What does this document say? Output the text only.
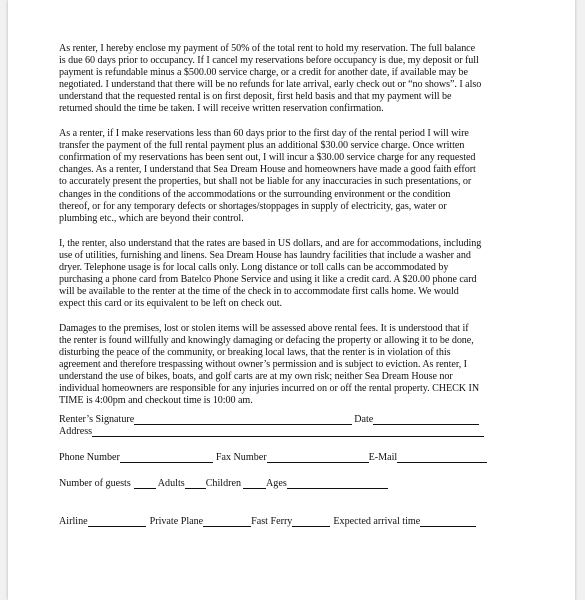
As renter, I hereby enclose my payment of 50% of the total rent to hold my reservation. The full balance
is due 60 days prior to occupancy. If I cancel my reservations before occupancy is due, my deposit or full
payment is refundable minus a $500.00 service charge, or a credit for another date, if available may be
negotiated. I understand that there will be no refunds for late arrival, early check out or “no shows”. I also
understand that the requested rental is on first deposit, first held basis and that my payment will be
returned should the time be taken. I will receive written reservation confirmation.

As a renter, if I make reservations less than 60 days prior to the first day of the rental period I will wire
transfer the payment of the full rental payment plus an additional $30.00 service charge. Once written
confirmation of my reservations has been sent out, I will incur a $30.00 service charge for any requested
changes. As a renter, I understand that Sea Dream House and homeowners have made a good faith effort
to accurately present the properties, but shall not be liable for any inaccuracies in such presentations, or
changes in the conditions of the accommodations or the surrounding environment or the condition
thereof, or for any temporary defects or shortages/stoppages in supply of electricity, gas, water or
plumbing etc., which are beyond their control.

I, the renter, also understand that the rates are based in US dollars, and are for accommodations, including
use of utilities, furnishing and linens. Sea Dream House has laundry facilities that include a washer and
dryer. Telephone usage is for local calls only. Long distance or toll calls can be accommodated by
purchasing a phone card from Batelco Phone Service and using it like a credit card. A $20.00 phone card
will be available to the renter at the time of the check in to accommodate first calls home. We would
expect this card or its equivalent to be left on check out.

Damages to the premises, lost or stolen items will be assessed above rental fees. It is understood that if
the renter is found willfully and knowingly damaging or defacing the property or allowing it to be done,
disturbing the peace of the community, or breaking local laws, that the renter is in violation of this
agreement and therefore trespassing without owner’s permission and is subject to eviction. As renter, I
understand the use of bikes, boats, and golf carts are at my own risk; neither Sea Dream House nor
individual homeowners are responsible for any injuries incurred on or off the rental property. CHECK IN
TIME is 4:00pm and checkout time is 10:00 am.

Renter’s Signature	Date
Address
Phone Number	Fax Number	E-Mail
Number of guests	Adults Children Ages
Airline	Private Plane	Fast Ferry	Expected arrival time
